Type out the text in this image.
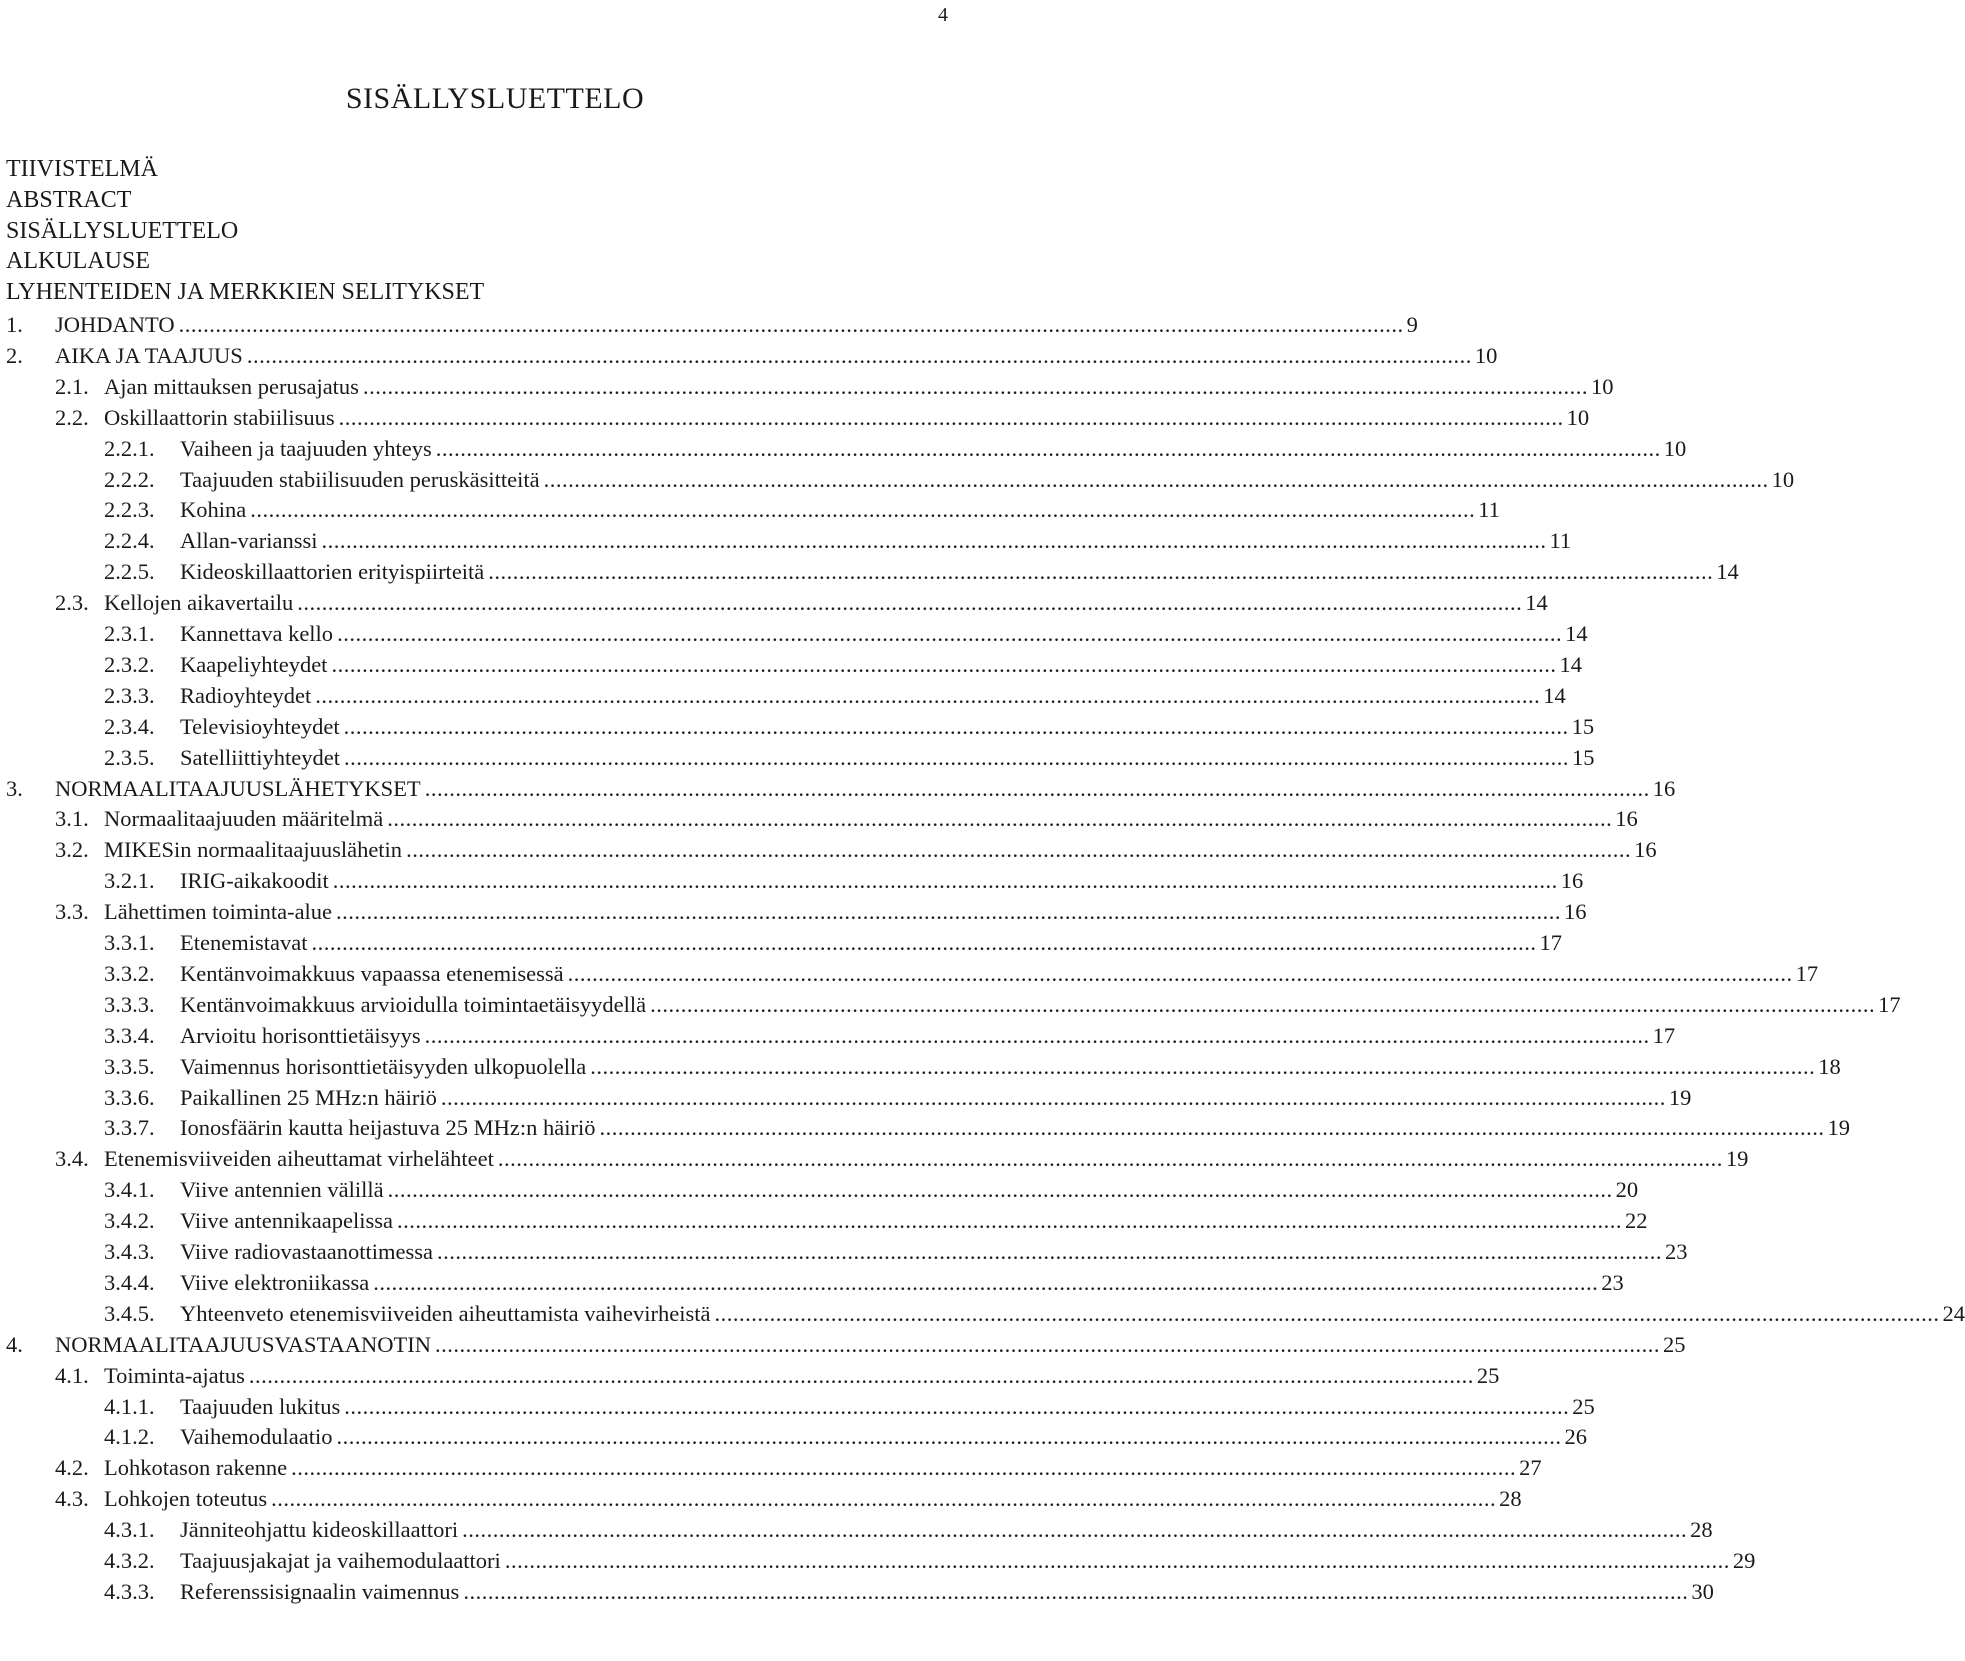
4
SISÄLLYSLUETTELO
TIIVISTELMÄ
ABSTRACT
SISÄLLYSLUETTELO
ALKULAUSE
LYHENTEIDEN JA MERKKIEN SELITYKSET
1. JOHDANTO ........................................................................................................................................................................................................ 9
2. AIKA JA TAAJUUS ........................................................................................................................................................................................................ 10
2.1. Ajan mittauksen perusajatus ........................................................................................................................................................................................................ 10
2.2. Oskillaattorin stabiilisuus ........................................................................................................................................................................................................ 10
2.2.1. Vaiheen ja taajuuden yhteys ........................................................................................................................................................................................................ 10
2.2.2. Taajuuden stabiilisuuden peruskäsitteitä ........................................................................................................................................................................................................ 10
2.2.3. Kohina ........................................................................................................................................................................................................ 11
2.2.4. Allan-varianssi ........................................................................................................................................................................................................ 11
2.2.5. Kideoskillaattorien erityispiirteitä ........................................................................................................................................................................................................ 14
2.3. Kellojen aikavertailu ........................................................................................................................................................................................................ 14
2.3.1. Kannettava kello ........................................................................................................................................................................................................ 14
2.3.2. Kaapeliyhteydet ........................................................................................................................................................................................................ 14
2.3.3. Radioyhteydet ........................................................................................................................................................................................................ 14
2.3.4. Televisioyhteydet ........................................................................................................................................................................................................ 15
2.3.5. Satelliittiyhteydet ........................................................................................................................................................................................................ 15
3. NORMAALITAAJUUSLÄHETYKSET ........................................................................................................................................................................................................ 16
3.1. Normaalitaajuuden määritelmä ........................................................................................................................................................................................................ 16
3.2. MIKESin normaalitaajuuslähetin ........................................................................................................................................................................................................ 16
3.2.1. IRIG-aikakoodit ........................................................................................................................................................................................................ 16
3.3. Lähettimen toiminta-alue ........................................................................................................................................................................................................ 16
3.3.1. Etenemistavat ........................................................................................................................................................................................................ 17
3.3.2. Kentänvoimakkuus vapaassa etenemisessä ........................................................................................................................................................................................................ 17
3.3.3. Kentänvoimakkuus arvioidulla toimintaetäisyydellä ........................................................................................................................................................................................................ 17
3.3.4. Arvioitu horisonttietäisyys ........................................................................................................................................................................................................ 17
3.3.5. Vaimennus horisonttietäisyyden ulkopuolella ........................................................................................................................................................................................................ 18
3.3.6. Paikallinen 25 MHz:n häiriö ........................................................................................................................................................................................................ 19
3.3.7. Ionosfäärin kautta heijastuva 25 MHz:n häiriö ........................................................................................................................................................................................................ 19
3.4. Etenemisviiveiden aiheuttamat virhelähteet ........................................................................................................................................................................................................ 19
3.4.1. Viive antennien välillä ........................................................................................................................................................................................................ 20
3.4.2. Viive antennikaapelissa ........................................................................................................................................................................................................ 22
3.4.3. Viive radiovastaanottimessa ........................................................................................................................................................................................................ 23
3.4.4. Viive elektroniikassa ........................................................................................................................................................................................................ 23
3.4.5. Yhteenveto etenemisviiveiden aiheuttamista vaihevirheistä ........................................................................................................................................................................................................ 24
4. NORMAALITAAJUUSVASTAANOTIN ........................................................................................................................................................................................................ 25
4.1. Toiminta-ajatus ........................................................................................................................................................................................................ 25
4.1.1. Taajuuden lukitus ........................................................................................................................................................................................................ 25
4.1.2. Vaihemodulaatio ........................................................................................................................................................................................................ 26
4.2. Lohkotason rakenne ........................................................................................................................................................................................................ 27
4.3. Lohkojen toteutus ........................................................................................................................................................................................................ 28
4.3.1. Jänniteohjattu kideoskillaattori ........................................................................................................................................................................................................ 28
4.3.2. Taajuusjakajat ja vaihemodulaattori ........................................................................................................................................................................................................ 29
4.3.3. Referenssisignaalin vaimennus ........................................................................................................................................................................................................ 30
